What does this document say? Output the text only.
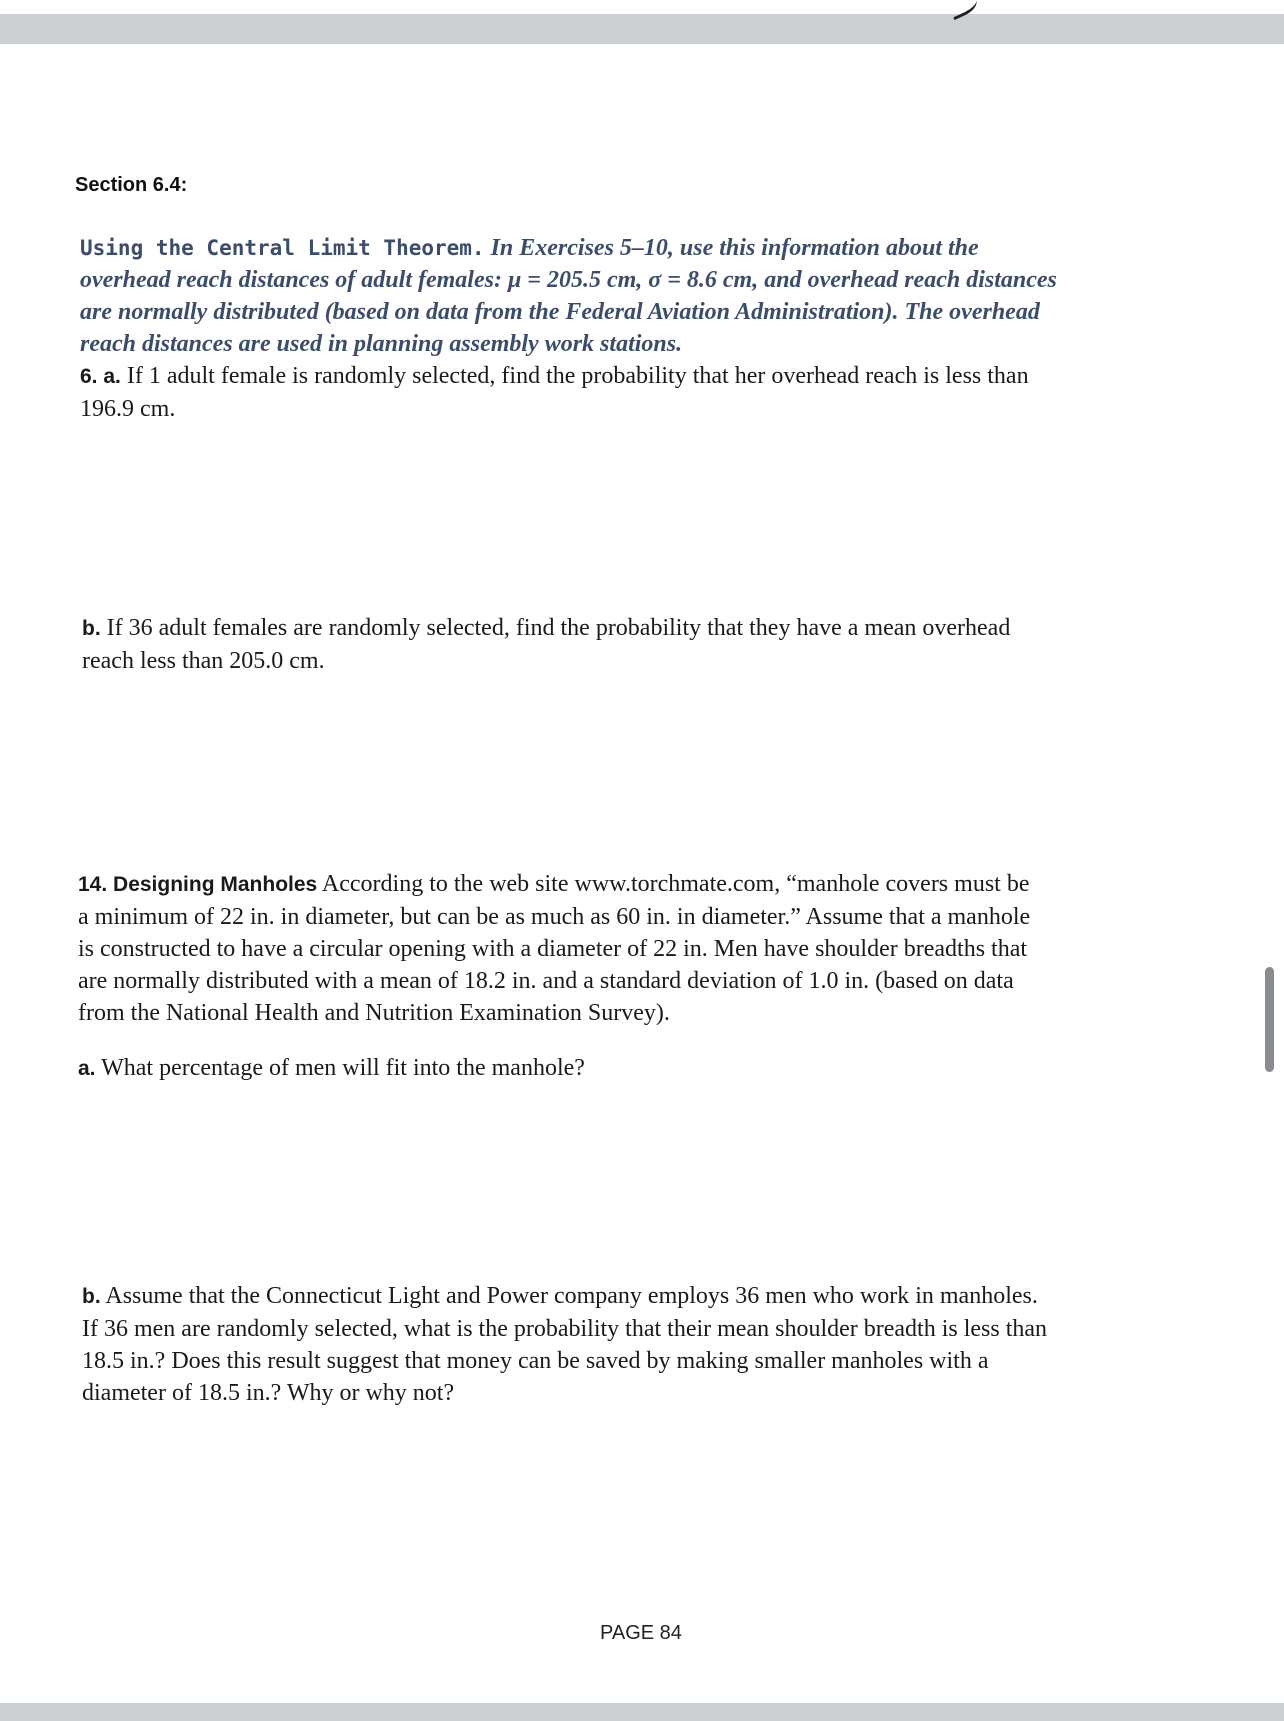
Section 6.4:
Using the Central Limit Theorem. In Exercises 5–10, use this information about the overhead reach distances of adult females: μ = 205.5 cm, σ = 8.6 cm, and overhead reach distances are normally distributed (based on data from the Federal Aviation Administration). The overhead reach distances are used in planning assembly work stations.
6. a. If 1 adult female is randomly selected, find the probability that her overhead reach is less than 196.9 cm.
b. If 36 adult females are randomly selected, find the probability that they have a mean overhead reach less than 205.0 cm.
14. Designing Manholes According to the web site www.torchmate.com, “manhole covers must be a minimum of 22 in. in diameter, but can be as much as 60 in. in diameter.” Assume that a manhole is constructed to have a circular opening with a diameter of 22 in. Men have shoulder breadths that are normally distributed with a mean of 18.2 in. and a standard deviation of 1.0 in. (based on data from the National Health and Nutrition Examination Survey).
a. What percentage of men will fit into the manhole?
b. Assume that the Connecticut Light and Power company employs 36 men who work in manholes. If 36 men are randomly selected, what is the probability that their mean shoulder breadth is less than 18.5 in.? Does this result suggest that money can be saved by making smaller manholes with a diameter of 18.5 in.? Why or why not?
PAGE 84
